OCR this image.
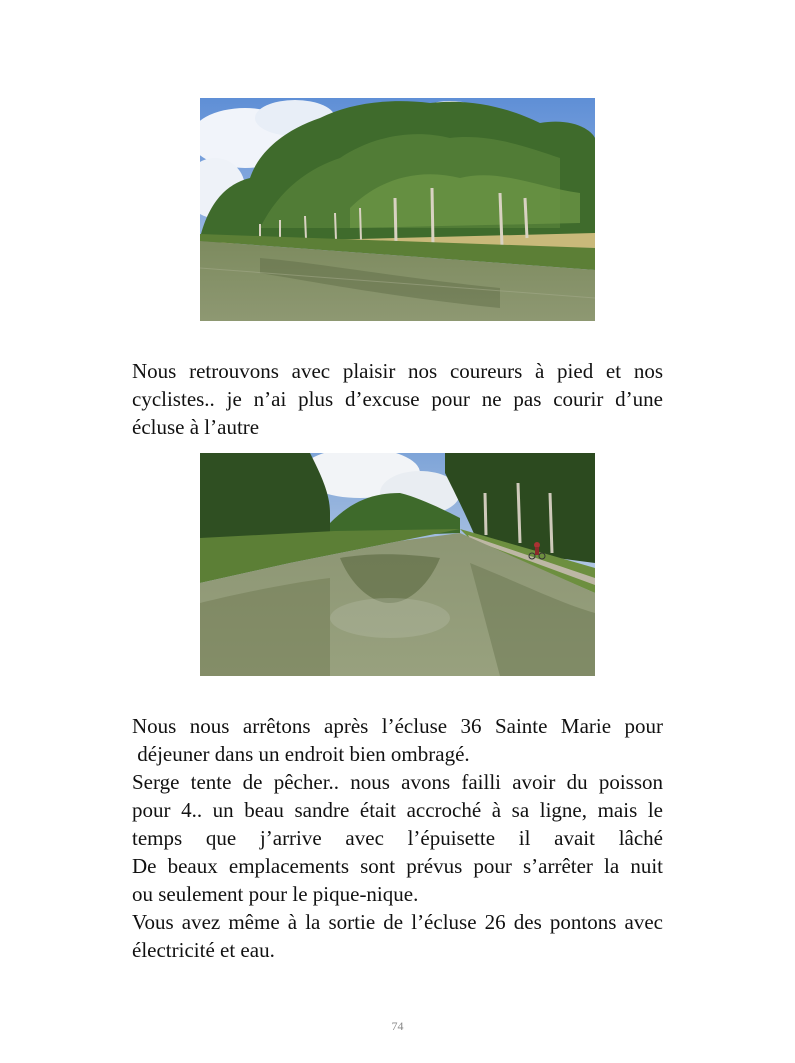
Nous retrouvons avec plaisir nos coureurs à pied et nos
cyclistes.. je n’ai plus d’excuse pour ne pas courir d’une
écluse à l’autre

Nous nous arrêtons après l’écluse 36 Sainte Marie pour
déjeuner dans un endroit bien ombragé.
Serge tente de pêcher.. nous avons failli avoir du poisson
pour 4.. un beau sandre était accroché à sa ligne, mais le
temps que j’arrive avec l’épuisette il avait lâché
De beaux emplacements sont prévus pour s’arrêter la nuit
ou seulement pour le pique-nique.
Vous avez même à la sortie de l’écluse 26 des pontons avec
électricité et eau.

74
